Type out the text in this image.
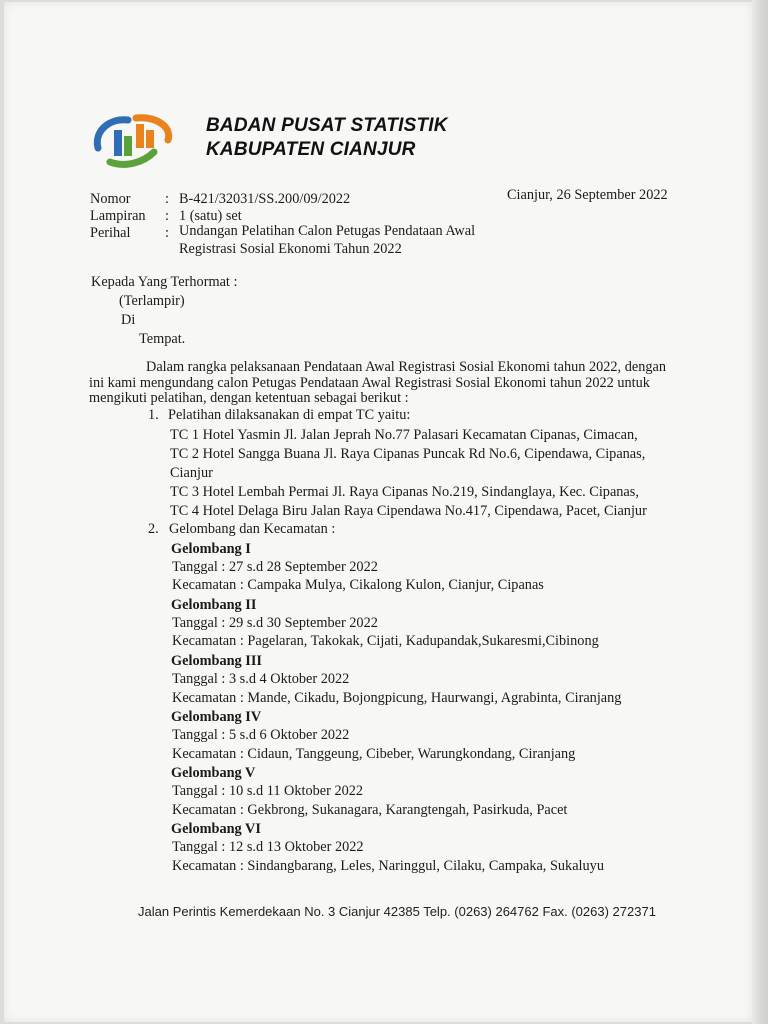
BADAN PUSAT STATISTIK
KABUPATEN CIANJUR
Nomor : B-421/32031/SS.200/09/2022	Cianjur, 26 September 2022
Lampiran : 1 (satu) set
Perihal : Undangan Pelatihan Calon Petugas Pendataan Awal
Registrasi Sosial Ekonomi Tahun 2022
Kepada Yang Terhormat :
(Terlampir)
Di
Tempat.
Dalam rangka pelaksanaan Pendataan Awal Registrasi Sosial Ekonomi tahun 2022, dengan
ini kami mengundang calon Petugas Pendataan Awal Registrasi Sosial Ekonomi tahun 2022 untuk
mengikuti pelatihan, dengan ketentuan sebagai berikut :
1. Pelatihan dilaksanakan di empat TC yaitu:
TC 1 Hotel Yasmin Jl. Jalan Jeprah No.77 Palasari Kecamatan Cipanas, Cimacan,
TC 2 Hotel Sangga Buana Jl. Raya Cipanas Puncak Rd No.6, Cipendawa, Cipanas,
Cianjur
TC 3 Hotel Lembah Permai Jl. Raya Cipanas No.219, Sindanglaya, Kec. Cipanas,
TC 4 Hotel Delaga Biru Jalan Raya Cipendawa No.417, Cipendawa, Pacet, Cianjur
2. Gelombang dan Kecamatan :
Gelombang I
Tanggal : 27 s.d 28 September 2022
Kecamatan : Campaka Mulya, Cikalong Kulon, Cianjur, Cipanas
Gelombang II
Tanggal : 29 s.d 30 September 2022
Kecamatan : Pagelaran, Takokak, Cijati, Kadupandak,Sukaresmi,Cibinong
Gelombang III
Tanggal : 3 s.d 4 Oktober 2022
Kecamatan : Mande, Cikadu, Bojongpicung, Haurwangi, Agrabinta, Ciranjang
Gelombang IV
Tanggal : 5 s.d 6 Oktober 2022
Kecamatan : Cidaun, Tanggeung, Cibeber, Warungkondang, Ciranjang
Gelombang V
Tanggal : 10 s.d 11 Oktober 2022
Kecamatan : Gekbrong, Sukanagara, Karangtengah, Pasirkuda, Pacet
Gelombang VI
Tanggal : 12 s.d 13 Oktober 2022
Kecamatan : Sindangbarang, Leles, Naringgul, Cilaku, Campaka, Sukaluyu
Jalan Perintis Kemerdekaan No. 3 Cianjur 42385 Telp. (0263) 264762 Fax. (0263) 272371
